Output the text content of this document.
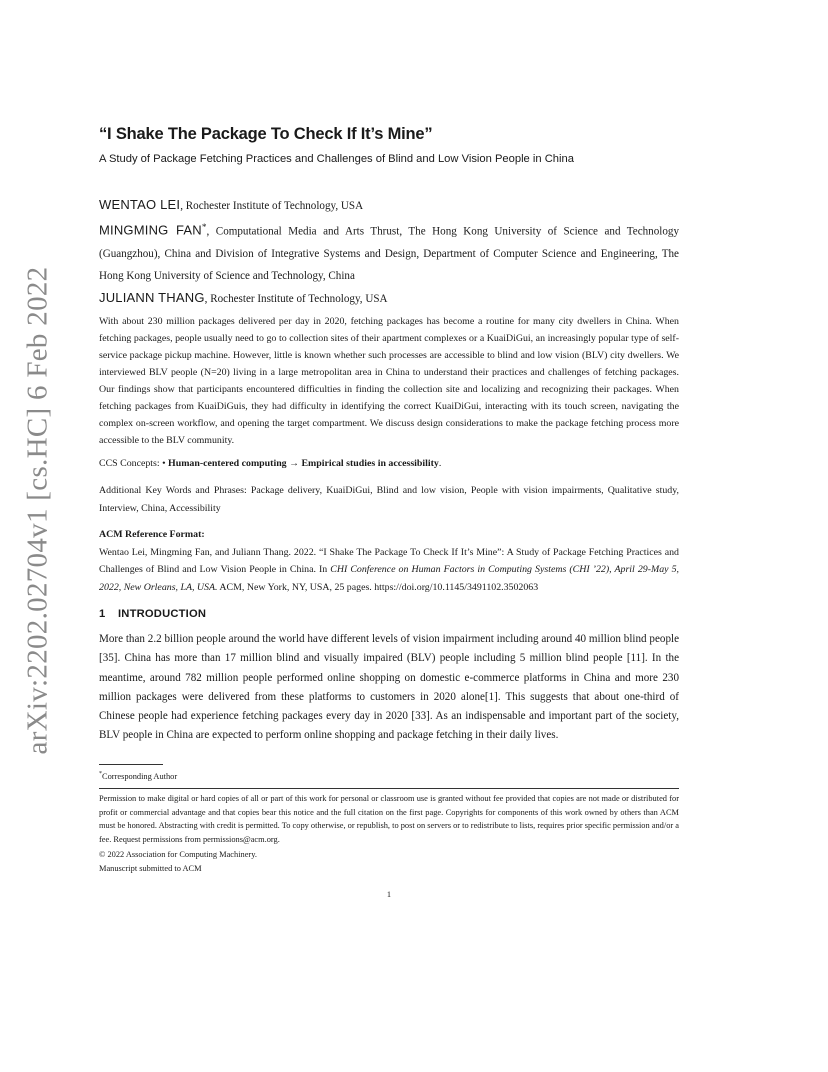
arXiv:2202.02704v1 [cs.HC] 6 Feb 2022
“I Shake The Package To Check If It’s Mine”
A Study of Package Fetching Practices and Challenges of Blind and Low Vision People in China

WENTAO LEI, Rochester Institute of Technology, USA

MINGMING FAN*, Computational Media and Arts Thrust, The Hong Kong University of Science and Technology (Guangzhou), China and Division of Integrative Systems and Design, Department of Computer Science and Engineering, The Hong Kong University of Science and Technology, China

JULIANN THANG, Rochester Institute of Technology, USA

With about 230 million packages delivered per day in 2020, fetching packages has become a routine for many city dwellers in China. When fetching packages, people usually need to go to collection sites of their apartment complexes or a KuaiDiGui, an increasingly popular type of self-service package pickup machine. However, little is known whether such processes are accessible to blind and low vision (BLV) city dwellers. We interviewed BLV people (N=20) living in a large metropolitan area in China to understand their practices and challenges of fetching packages. Our findings show that participants encountered difficulties in finding the collection site and localizing and recognizing their packages. When fetching packages from KuaiDiGuis, they had difficulty in identifying the correct KuaiDiGui, interacting with its touch screen, navigating the complex on-screen workflow, and opening the target compartment. We discuss design considerations to make the package fetching process more accessible to the BLV community.

CCS Concepts: • Human-centered computing → Empirical studies in accessibility.

Additional Key Words and Phrases: Package delivery, KuaiDiGui, Blind and low vision, People with vision impairments, Qualitative study, Interview, China, Accessibility

ACM Reference Format:
Wentao Lei, Mingming Fan, and Juliann Thang. 2022. “I Shake The Package To Check If It’s Mine”: A Study of Package Fetching Practices and Challenges of Blind and Low Vision People in China. In CHI Conference on Human Factors in Computing Systems (CHI ’22), April 29-May 5, 2022, New Orleans, LA, USA. ACM, New York, NY, USA, 25 pages. https://doi.org/10.1145/3491102.3502063
1 INTRODUCTION

More than 2.2 billion people around the world have different levels of vision impairment including around 40 million blind people [35]. China has more than 17 million blind and visually impaired (BLV) people including 5 million blind people [11]. In the meantime, around 782 million people performed online shopping on domestic e-commerce platforms in China and more 230 million packages were delivered from these platforms to customers in 2020 alone[1]. This suggests that about one-third of Chinese people had experience fetching packages every day in 2020 [33]. As an indispensable and important part of the society, BLV people in China are expected to perform online shopping and package fetching in their daily lives.

*Corresponding Author

Permission to make digital or hard copies of all or part of this work for personal or classroom use is granted without fee provided that copies are not made or distributed for profit or commercial advantage and that copies bear this notice and the full citation on the first page. Copyrights for components of this work owned by others than ACM must be honored. Abstracting with credit is permitted. To copy otherwise, or republish, to post on servers or to redistribute to lists, requires prior specific permission and/or a fee. Request permissions from permissions@acm.org.

© 2022 Association for Computing Machinery.
Manuscript submitted to ACM
1
